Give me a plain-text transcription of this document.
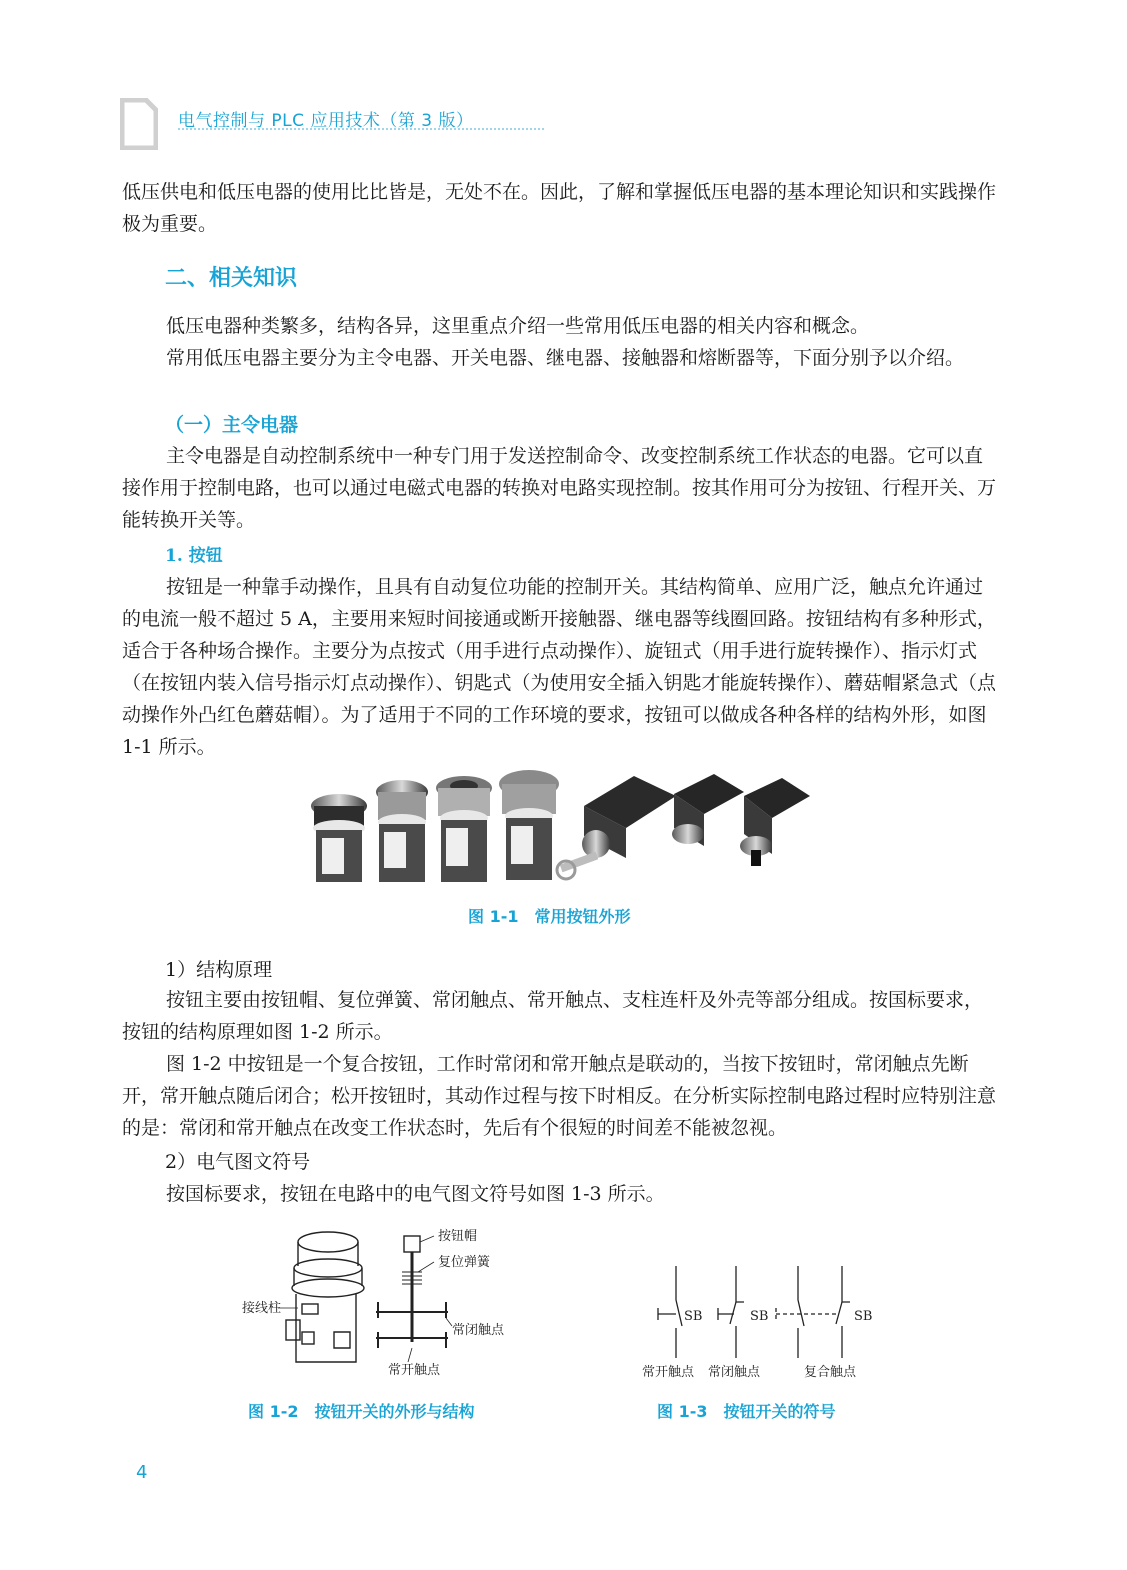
电气控制与 PLC 应用技术（第 3 版）

低压供电和低压电器的使用比比皆是，无处不在。因此，了解和掌握低压电器的基本理论知识和实践操作极为重要。

二、相关知识

低压电器种类繁多，结构各异，这里重点介绍一些常用低压电器的相关内容和概念。

常用低压电器主要分为主令电器、开关电器、继电器、接触器和熔断器等，下面分别予以介绍。

（一）主令电器

主令电器是自动控制系统中一种专门用于发送控制命令、改变控制系统工作状态的电器。它可以直接作用于控制电路，也可以通过电磁式电器的转换对电路实现控制。按其作用可分为按钮、行程开关、万能转换开关等。

1. 按钮

按钮是一种靠手动操作，且具有自动复位功能的控制开关。其结构简单、应用广泛，触点允许通过的电流一般不超过 5 A，主要用来短时间接通或断开接触器、继电器等线圈回路。按钮结构有多种形式，适合于各种场合操作。主要分为点按式（用手进行点动操作）、旋钮式（用手进行旋转操作）、指示灯式（在按钮内装入信号指示灯点动操作）、钥匙式（为使用安全插入钥匙才能旋转操作）、蘑菇帽紧急式（点动操作外凸红色蘑菇帽）。为了适用于不同的工作环境的要求，按钮可以做成各种各样的结构外形，如图 1-1 所示。

图 1-1　常用按钮外形
1）结构原理

按钮主要由按钮帽、复位弹簧、常闭触点、常开触点、支柱连杆及外壳等部分组成。按国标要求，按钮的结构原理如图 1-2 所示。

图 1-2 中按钮是一个复合按钮，工作时常闭和常开触点是联动的，当按下按钮时，常闭触点先断开，常开触点随后闭合；松开按钮时，其动作过程与按下时相反。在分析实际控制电路过程时应特别注意的是：常闭和常开触点在改变工作状态时，先后有个很短的时间差不能被忽视。

2）电气图文符号

按国标要求，按钮在电路中的电气图文符号如图 1-3 所示。

按钮帽
复位弹簧
接线柱
常闭触点
常开触点
图 1-2　按钮开关的外形与结构
SB	SB	SB
常开触点 常闭触点	复合触点
图 1-3　按钮开关的符号
4
